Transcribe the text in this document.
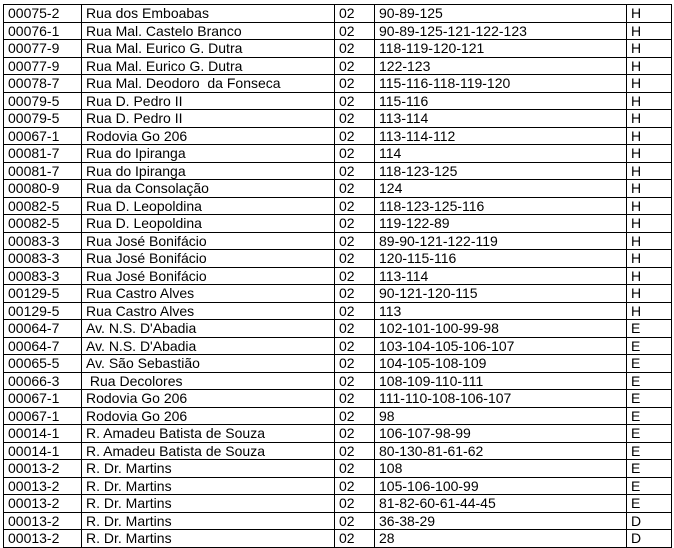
00075-2	Rua dos Emboabas	02	90-89-125	H
00076-1	Rua Mal. Castelo Branco	02	90-89-125-121-122-123	H
00077-9	Rua Mal. Eurico G. Dutra	02	118-119-120-121	H
00077-9	Rua Mal. Eurico G. Dutra	02	122-123	H
00078-7	Rua Mal. Deodoro  da Fonseca	02	115-116-118-119-120	H
00079-5	Rua D. Pedro II	02	115-116	H
00079-5	Rua D. Pedro II	02	113-114	H
00067-1	Rodovia Go 206	02	113-114-112	H
00081-7	Rua do Ipiranga	02	114	H
00081-7	Rua do Ipiranga	02	118-123-125	H
00080-9	Rua da Consolação	02	124	H
00082-5	Rua D. Leopoldina	02	118-123-125-116	H
00082-5	Rua D. Leopoldina	02	119-122-89	H
00083-3	Rua José Bonifácio	02	89-90-121-122-119	H
00083-3	Rua José Bonifácio	02	120-115-116	H
00083-3	Rua José Bonifácio	02	113-114	H
00129-5	Rua Castro Alves	02	90-121-120-115	H
00129-5	Rua Castro Alves	02	113	H
00064-7	Av. N.S. D'Abadia	02	102-101-100-99-98	E
00064-7	Av. N.S. D'Abadia	02	103-104-105-106-107	E
00065-5	Av. São Sebastião	02	104-105-108-109	E
00066-3	Rua Decolores	02	108-109-110-111	E
00067-1	Rodovia Go 206	02	111-110-108-106-107	E
00067-1	Rodovia Go 206	02	98	E
00014-1	R. Amadeu Batista de Souza	02	106-107-98-99	E
00014-1	R. Amadeu Batista de Souza	02	80-130-81-61-62	E
00013-2	R. Dr. Martins	02	108	E
00013-2	R. Dr. Martins	02	105-106-100-99	E
00013-2	R. Dr. Martins	02	81-82-60-61-44-45	E
00013-2	R. Dr. Martins	02	36-38-29	D
00013-2	R. Dr. Martins	02	28	D
